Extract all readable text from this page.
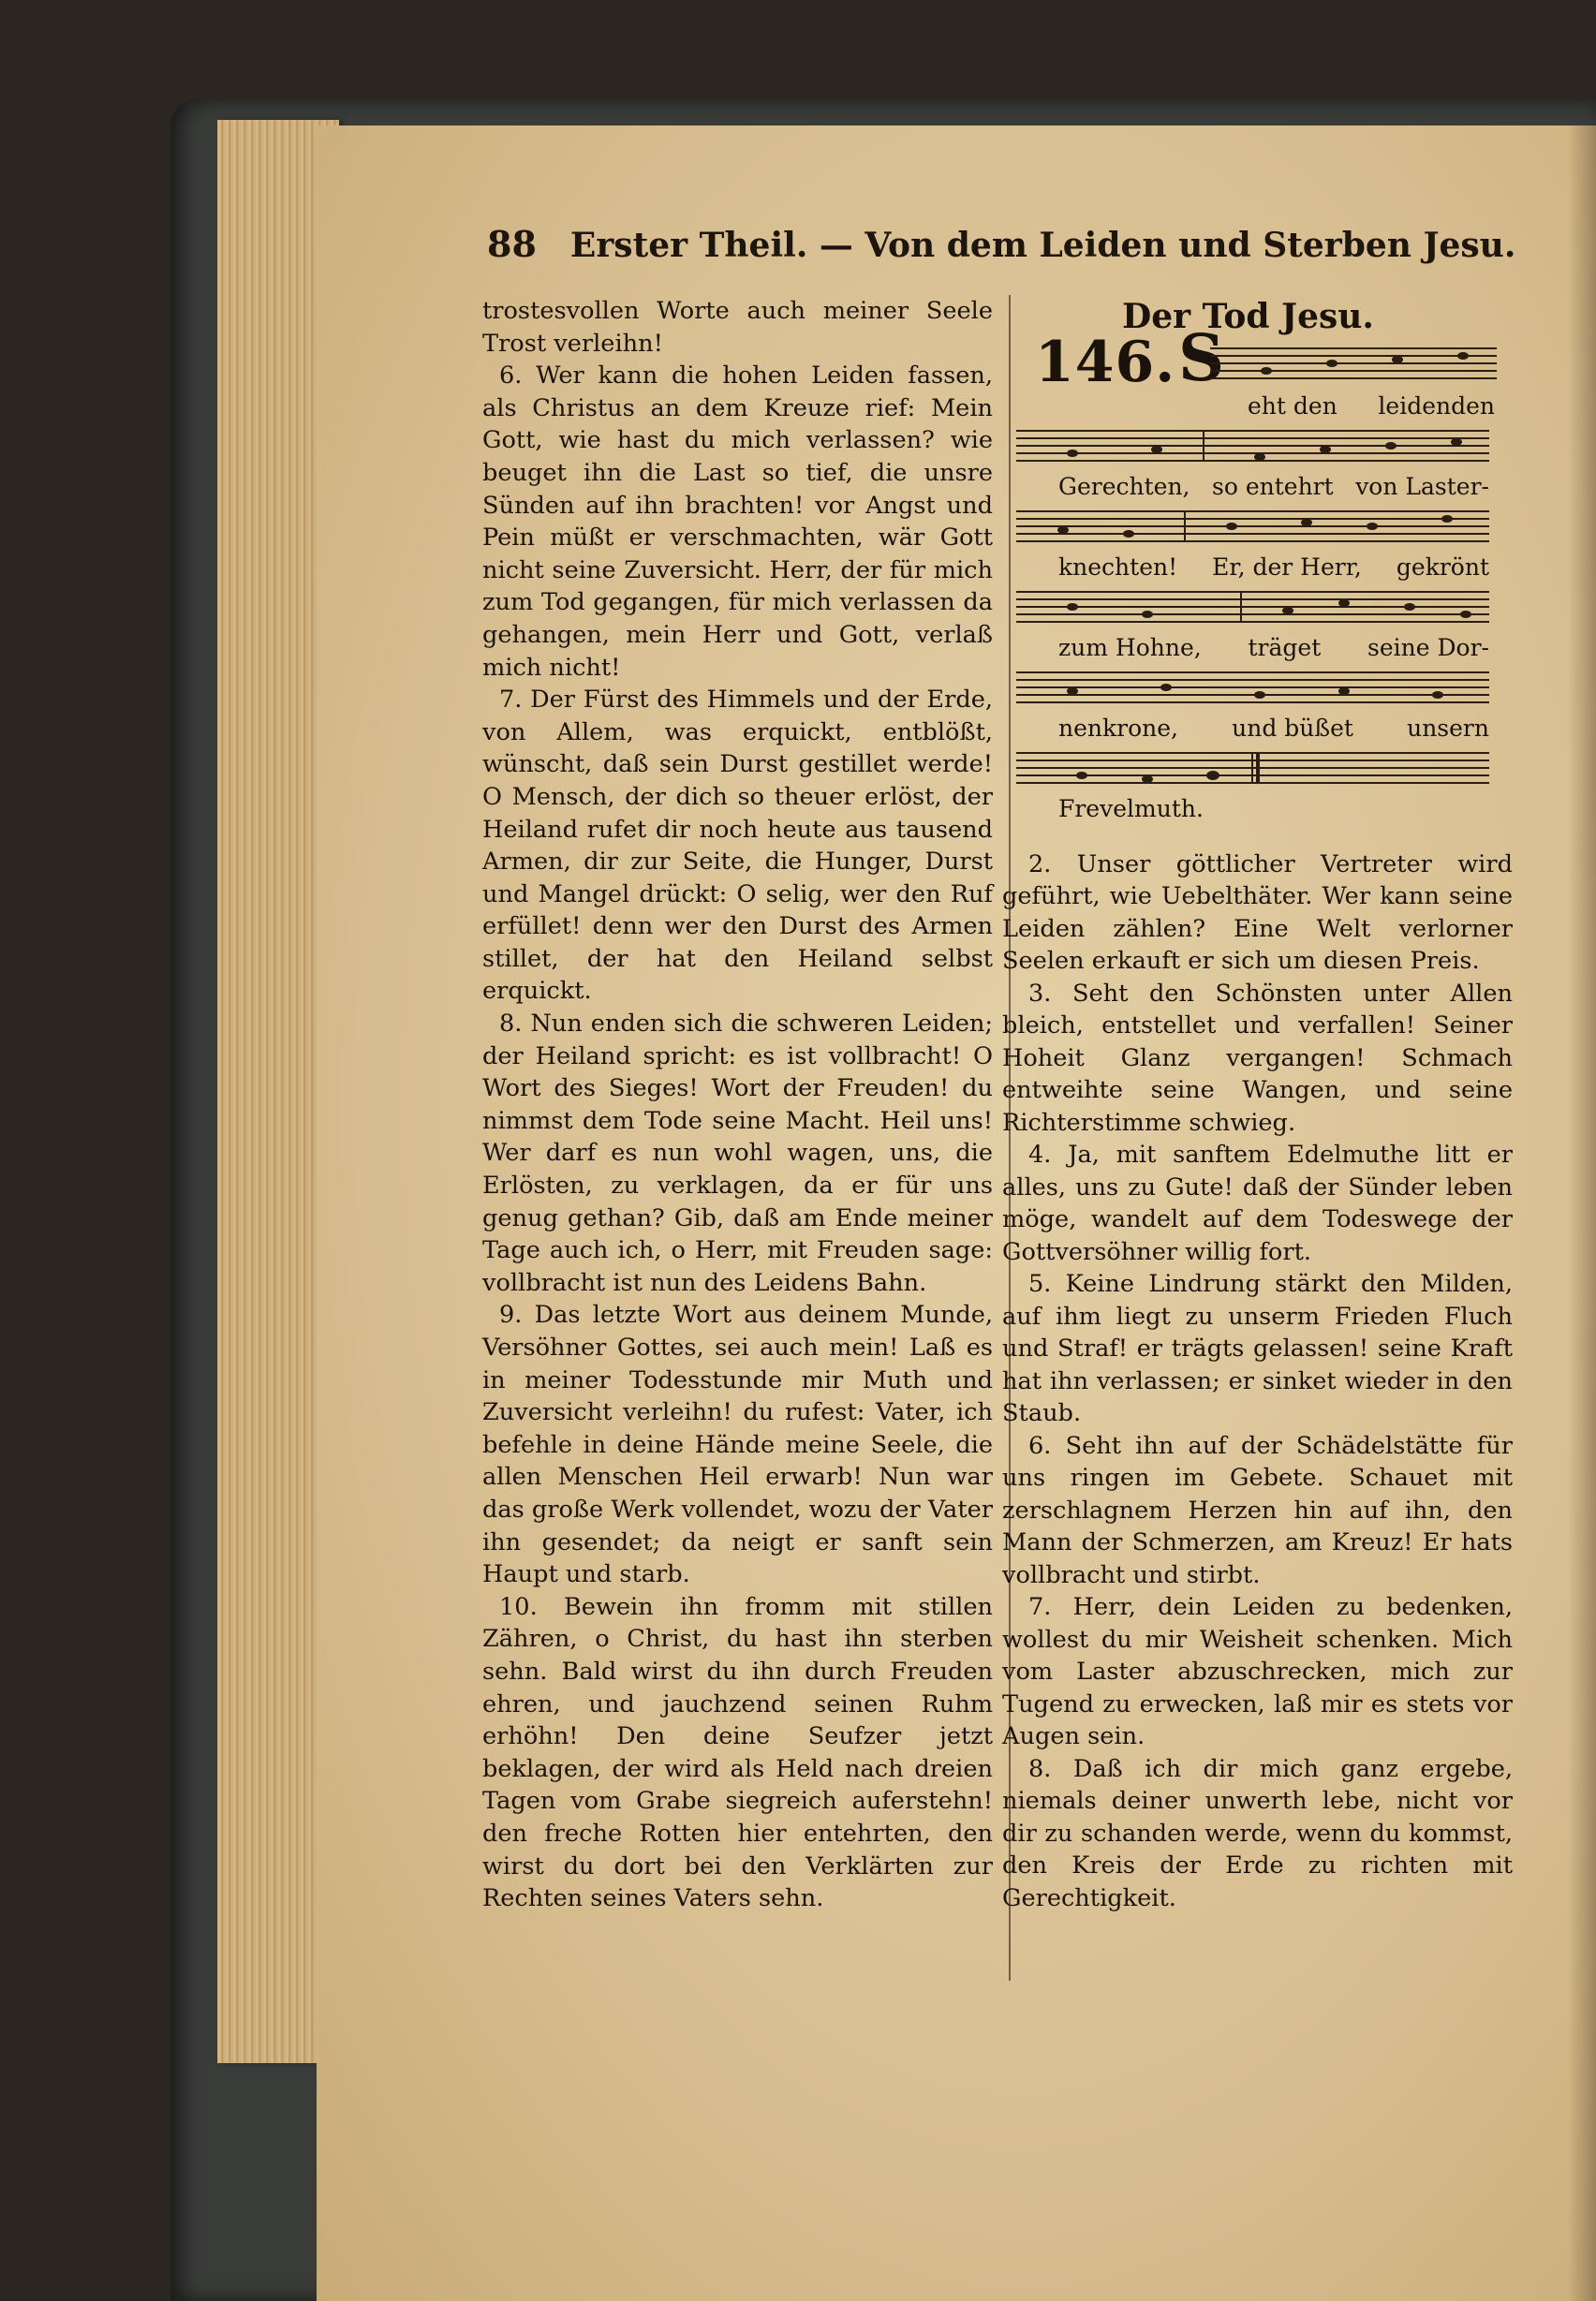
88 Erster Theil. — Von dem Leiden und Sterben Jesu.

trostesvollen Worte auch meiner Seele Trost verleihn!

6. Wer kann die hohen Leiden fassen, als Christus an dem Kreuze rief: Mein Gott, wie hast du mich verlassen? wie beuget ihn die Last so tief, die unsre Sünden auf ihn brachten! vor Angst und Pein müßt er verschmachten, wär Gott nicht seine Zuversicht. Herr, der für mich zum Tod gegangen, für mich verlassen da gehangen, mein Herr und Gott, verlaß mich nicht!

7. Der Fürst des Himmels und der Erde, von Allem, was erquickt, entblößt, wünscht, daß sein Durst gestillet werde! O Mensch, der dich so theuer erlöst, der Heiland rufet dir noch heute aus tausend Armen, dir zur Seite, die Hunger, Durst und Mangel drückt: O selig, wer den Ruf erfüllet! denn wer den Durst des Armen stillet, der hat den Heiland selbst erquickt.

8. Nun enden sich die schweren Leiden; der Heiland spricht: es ist vollbracht! O Wort des Sieges! Wort der Freuden! du nimmst dem Tode seine Macht. Heil uns! Wer darf es nun wohl wagen, uns, die Erlösten, zu verklagen, da er für uns genug gethan? Gib, daß am Ende meiner Tage auch ich, o Herr, mit Freuden sage: vollbracht ist nun des Leidens Bahn.

9. Das letzte Wort aus deinem Munde, Versöhner Gottes, sei auch mein! Laß es in meiner Todesstunde mir Muth und Zuversicht verleihn! du rufest: Vater, ich befehle in deine Hände meine Seele, die allen Menschen Heil erwarb! Nun war das große Werk vollendet, wozu der Vater ihn gesendet; da neigt er sanft sein Haupt und starb.

10. Bewein ihn fromm mit stillen Zähren, o Christ, du hast ihn sterben sehn. Bald wirst du ihn durch Freuden ehren, und jauchzend seinen Ruhm erhöhn! Den deine Seufzer jetzt beklagen, der wird als Held nach dreien Tagen vom Grabe siegreich auferstehn! den freche Rotten hier entehrten, den wirst du dort bei den Verklärten zur Rechten seines Vaters sehn.

Der Tod Jesu.
146. S
eht den leidenden
Gerechten, so entehrt von Laster-
knechten! Er, der Herr, gekrönt
zum Hohne, träget seine Dor-
nenkrone, und büßet unsern
Frevelmuth.

2. Unser göttlicher Vertreter wird geführt, wie Uebelthäter. Wer kann seine Leiden zählen? Eine Welt verlorner Seelen erkauft er sich um diesen Preis.

3. Seht den Schönsten unter Allen bleich, entstellet und verfallen! Seiner Hoheit Glanz vergangen! Schmach entweihte seine Wangen, und seine Richterstimme schwieg.

4. Ja, mit sanftem Edelmuthe litt er alles, uns zu Gute! daß der Sünder leben möge, wandelt auf dem Todeswege der Gottversöhner willig fort.

5. Keine Lindrung stärkt den Milden, auf ihm liegt zu unserm Frieden Fluch und Straf! er trägts gelassen! seine Kraft hat ihn verlassen; er sinket wieder in den Staub.

6. Seht ihn auf der Schädelstätte für uns ringen im Gebete. Schauet mit zerschlagnem Herzen hin auf ihn, den Mann der Schmerzen, am Kreuz! Er hats vollbracht und stirbt.

7. Herr, dein Leiden zu bedenken, wollest du mir Weisheit schenken. Mich vom Laster abzuschrecken, mich zur Tugend zu erwecken, laß mir es stets vor Augen sein.

8. Daß ich dir mich ganz ergebe, niemals deiner unwerth lebe, nicht vor dir zu schanden werde, wenn du kommst, den Kreis der Erde zu richten mit Gerechtigkeit.
